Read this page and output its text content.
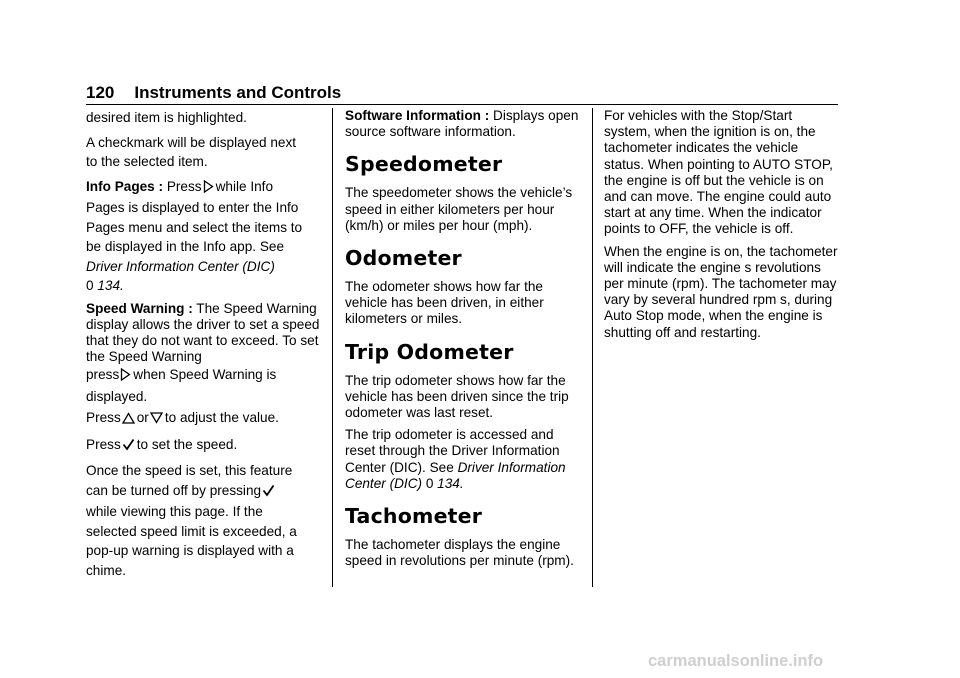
120 Instruments and Controls

desired item is highlighted.

A checkmark will be displayed next
to the selected item.

Info Pages : Press while Info
Pages is displayed to enter the Info
Pages menu and select the items to
be displayed in the Info app. See
Driver Information Center (DIC)
0 134.

Speed Warning : The Speed Warning display allows the driver to set a speed that they do not want to exceed. To set the Speed Warning

press when Speed Warning is
displayed.

Press or to adjust the value.

Press to set the speed.

Once the speed is set, this feature
can be turned off by pressing
while viewing this page. If the
selected speed limit is exceeded, a
pop-up warning is displayed with a
chime.

Software Information : Displays open source software information.

Speedometer

The speedometer shows the vehicle’s speed in either kilometers per hour (km/h) or miles per hour (mph).

Odometer

The odometer shows how far the vehicle has been driven, in either kilometers or miles.

Trip Odometer

The trip odometer shows how far the vehicle has been driven since the trip odometer was last reset.

The trip odometer is accessed and reset through the Driver Information Center (DIC). See Driver Information Center (DIC) 0 134.

Tachometer

The tachometer displays the engine speed in revolutions per minute (rpm).

For vehicles with the Stop/Start system, when the ignition is on, the tachometer indicates the vehicle status. When pointing to AUTO STOP, the engine is off but the vehicle is on and can move. The engine could auto start at any time. When the indicator points to OFF, the vehicle is off.

When the engine is on, the tachometer will indicate the engine s revolutions per minute (rpm). The tachometer may vary by several hundred rpm s, during Auto Stop mode, when the engine is shutting off and restarting.

carmanualsonline.info
